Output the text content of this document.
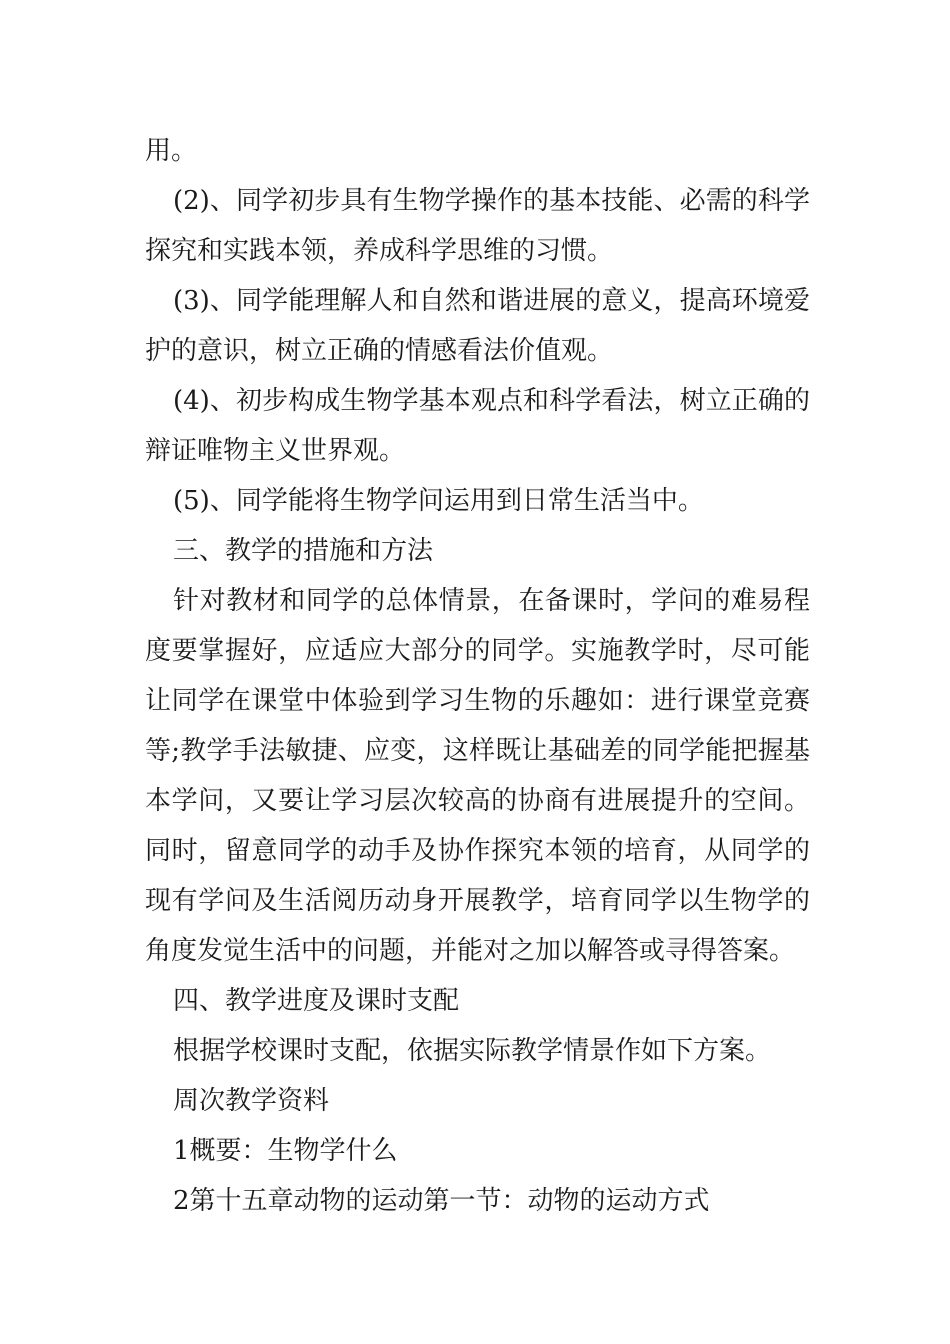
用。

(2)、同学初步具有生物学操作的基本技能、必需的科学探究和实践本领，养成科学思维的习惯。

(3)、同学能理解人和自然和谐进展的意义，提高环境爱护的意识，树立正确的情感看法价值观。

(4)、初步构成生物学基本观点和科学看法，树立正确的辩证唯物主义世界观。

(5)、同学能将生物学问运用到日常生活当中。

三、教学的措施和方法

针对教材和同学的总体情景，在备课时，学问的难易程度要掌握好，应适应大部分的同学。实施教学时，尽可能让同学在课堂中体验到学习生物的乐趣如：进行课堂竞赛等;教学手法敏捷、应变，这样既让基础差的同学能把握基本学问，又要让学习层次较高的协商有进展提升的空间。同时，留意同学的动手及协作探究本领的培育，从同学的现有学问及生活阅历动身开展教学，培育同学以生物学的角度发觉生活中的问题，并能对之加以解答或寻得答案。

四、教学进度及课时支配

根据学校课时支配，依据实际教学情景作如下方案。

周次教学资料

1概要：生物学什么

2第十五章动物的运动第一节：动物的运动方式
